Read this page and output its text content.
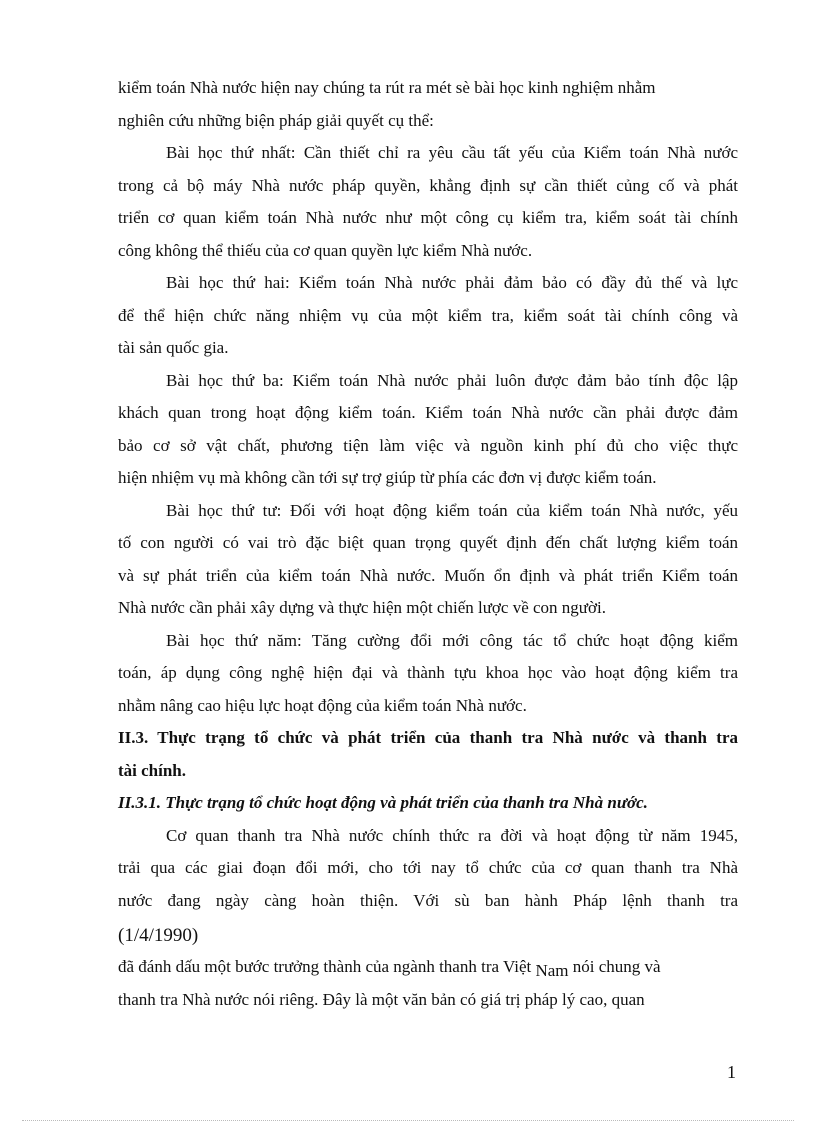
kiểm toán Nhà nước hiện nay chúng ta rút ra mét sè bài học kinh nghiệm nhằm
nghiên cứu những biện pháp giải quyết cụ thể:
Bài học thứ nhất: Cần thiết chỉ ra yêu cầu tất yếu của Kiểm toán Nhà nước
trong cả bộ máy Nhà nước pháp quyền, khẳng định sự cần thiết củng cố và phát
triển cơ quan kiểm toán Nhà nước như một công cụ kiểm tra, kiểm soát tài chính
công không thể thiếu của cơ quan quyền lực kiểm Nhà nước.
Bài học thứ hai: Kiểm toán Nhà nước phải đảm bảo có đầy đủ thế và lực
để thể hiện chức năng nhiệm vụ của một kiểm tra, kiểm soát tài chính công và
tài sản quốc gia.
Bài học thứ ba: Kiểm toán Nhà nước phải luôn được đảm bảo tính độc lập
khách quan trong hoạt động kiểm toán. Kiểm toán Nhà nước cần phải được đảm
bảo cơ sở vật chất, phương tiện làm việc và nguồn kinh phí đủ cho việc thực
hiện nhiệm vụ mà không cần tới sự trợ giúp từ phía các đơn vị được kiểm toán.
Bài học thứ tư: Đối với hoạt động kiểm toán của kiểm toán Nhà nước, yếu
tố con người có vai trò đặc biệt quan trọng quyết định đến chất lượng kiểm toán
và sự phát triển của kiểm toán Nhà nước. Muốn ổn định và phát triển Kiểm toán
Nhà nước cần phải xây dựng và thực hiện một chiến lược về con người.
Bài học thứ năm: Tăng cường đổi mới công tác tổ chức hoạt động kiểm
toán, áp dụng công nghệ hiện đại và thành tựu khoa học vào hoạt động kiểm tra
nhằm nâng cao hiệu lực hoạt động của kiểm toán Nhà nước.
II.3. Thực trạng tổ chức và phát triển của thanh tra Nhà nước và thanh tra
tài chính.
II.3.1. Thực trạng tổ chức hoạt động và phát triển của thanh tra Nhà nước.
Cơ quan thanh tra Nhà nước chính thức ra đời và hoạt động từ năm 1945,
trải qua các giai đoạn đổi mới, cho tới nay tổ chức của cơ quan thanh tra Nhà
nước đang ngày càng hoàn thiện. Với sù ban hành Pháp lệnh thanh tra
(1/4/1990)
đã đánh dấu một bước trưởng thành của ngành thanh tra Việt Nam nói chung và
thanh tra Nhà nước nói riêng. Đây là một văn bản có giá trị pháp lý cao, quan
1
